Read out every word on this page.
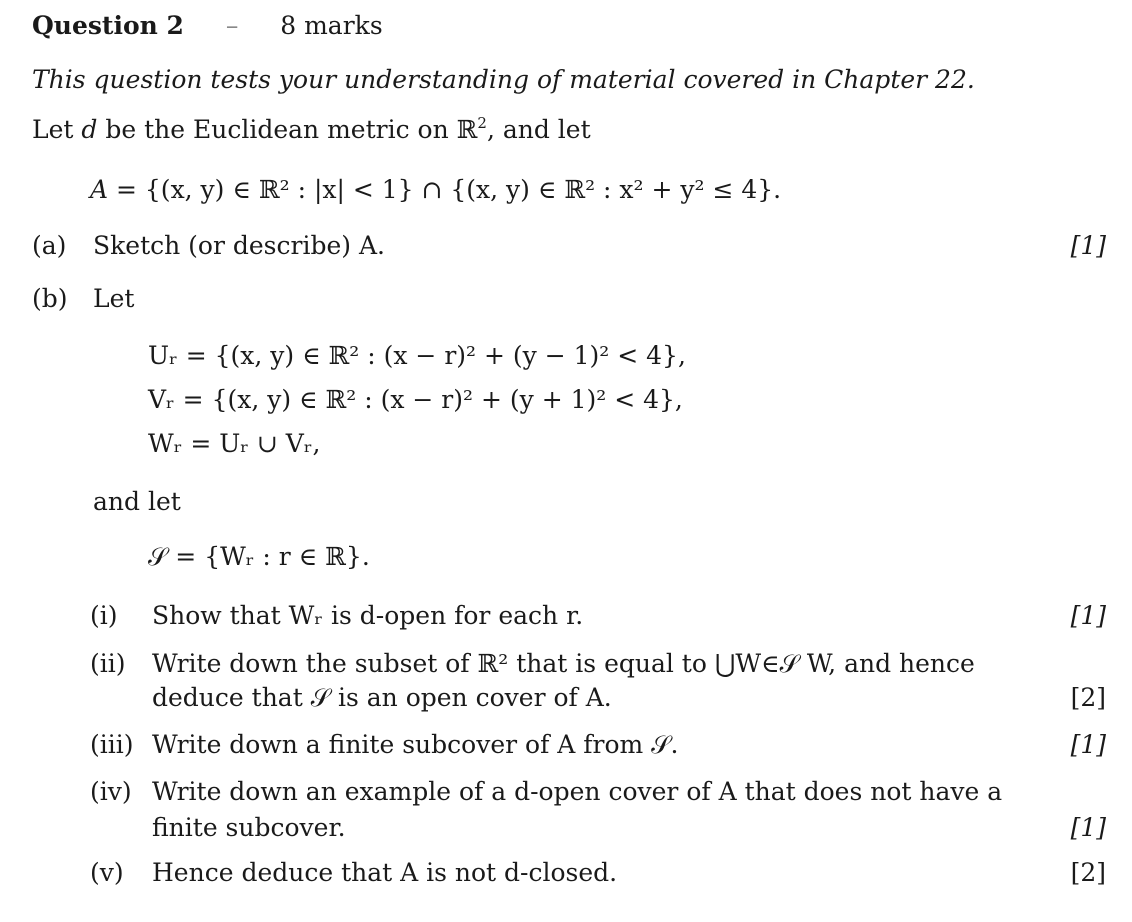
Question 2 – 8 marks
This question tests your understanding of material covered in Chapter 22.
Let d be the Euclidean metric on ℝ$^2$, and let
A = {(x, y) ∈ ℝ² : |x| < 1} ∩ {(x, y) ∈ ℝ² : x² + y² ≤ 4}.
(a) Sketch (or describe) A.	[1]
(b) Let
Uᵣ = {(x, y) ∈ ℝ² : (x − r)² + (y − 1)² < 4},
Vᵣ = {(x, y) ∈ ℝ² : (x − r)² + (y + 1)² < 4},
Wᵣ = Uᵣ ∪ Vᵣ,
and let
𝒮 = {Wᵣ : r ∈ ℝ}.
(i) Show that Wᵣ is d-open for each r.	[1]
(ii) Write down the subset of ℝ² that is equal to ⋃W∈𝒮 W, and hence
deduce that 𝒮 is an open cover of A.	[2]
(iii) Write down a finite subcover of A from 𝒮.	[1]
(iv) Write down an example of a d-open cover of A that does not have a
finite subcover.	[1]
(v) Hence deduce that A is not d-closed.	[2]
